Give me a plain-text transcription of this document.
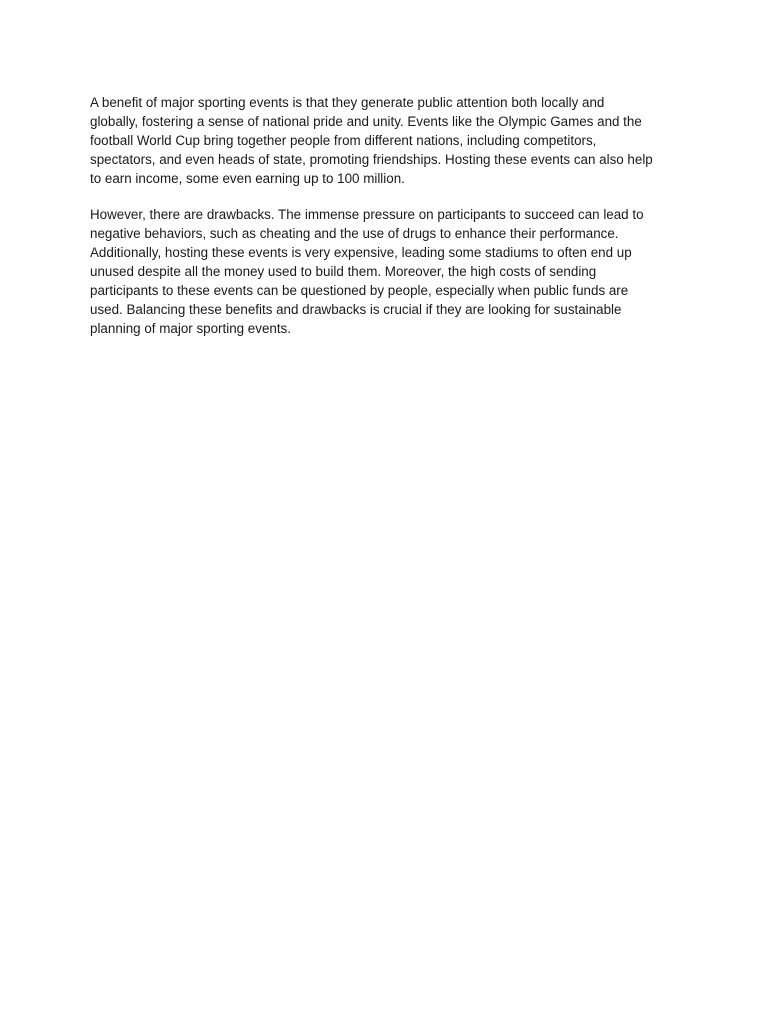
A benefit of major sporting events is that they generate public attention both locally and
globally, fostering a sense of national pride and unity. Events like the Olympic Games and the
football World Cup bring together people from different nations, including competitors,
spectators, and even heads of state, promoting friendships. Hosting these events can also help
to earn income, some even earning up to 100 million.

However, there are drawbacks. The immense pressure on participants to succeed can lead to
negative behaviors, such as cheating and the use of drugs to enhance their performance.
Additionally, hosting these events is very expensive, leading some stadiums to often end up
unused despite all the money used to build them. Moreover, the high costs of sending
participants to these events can be questioned by people, especially when public funds are
used. Balancing these benefits and drawbacks is crucial if they are looking for sustainable
planning of major sporting events.
